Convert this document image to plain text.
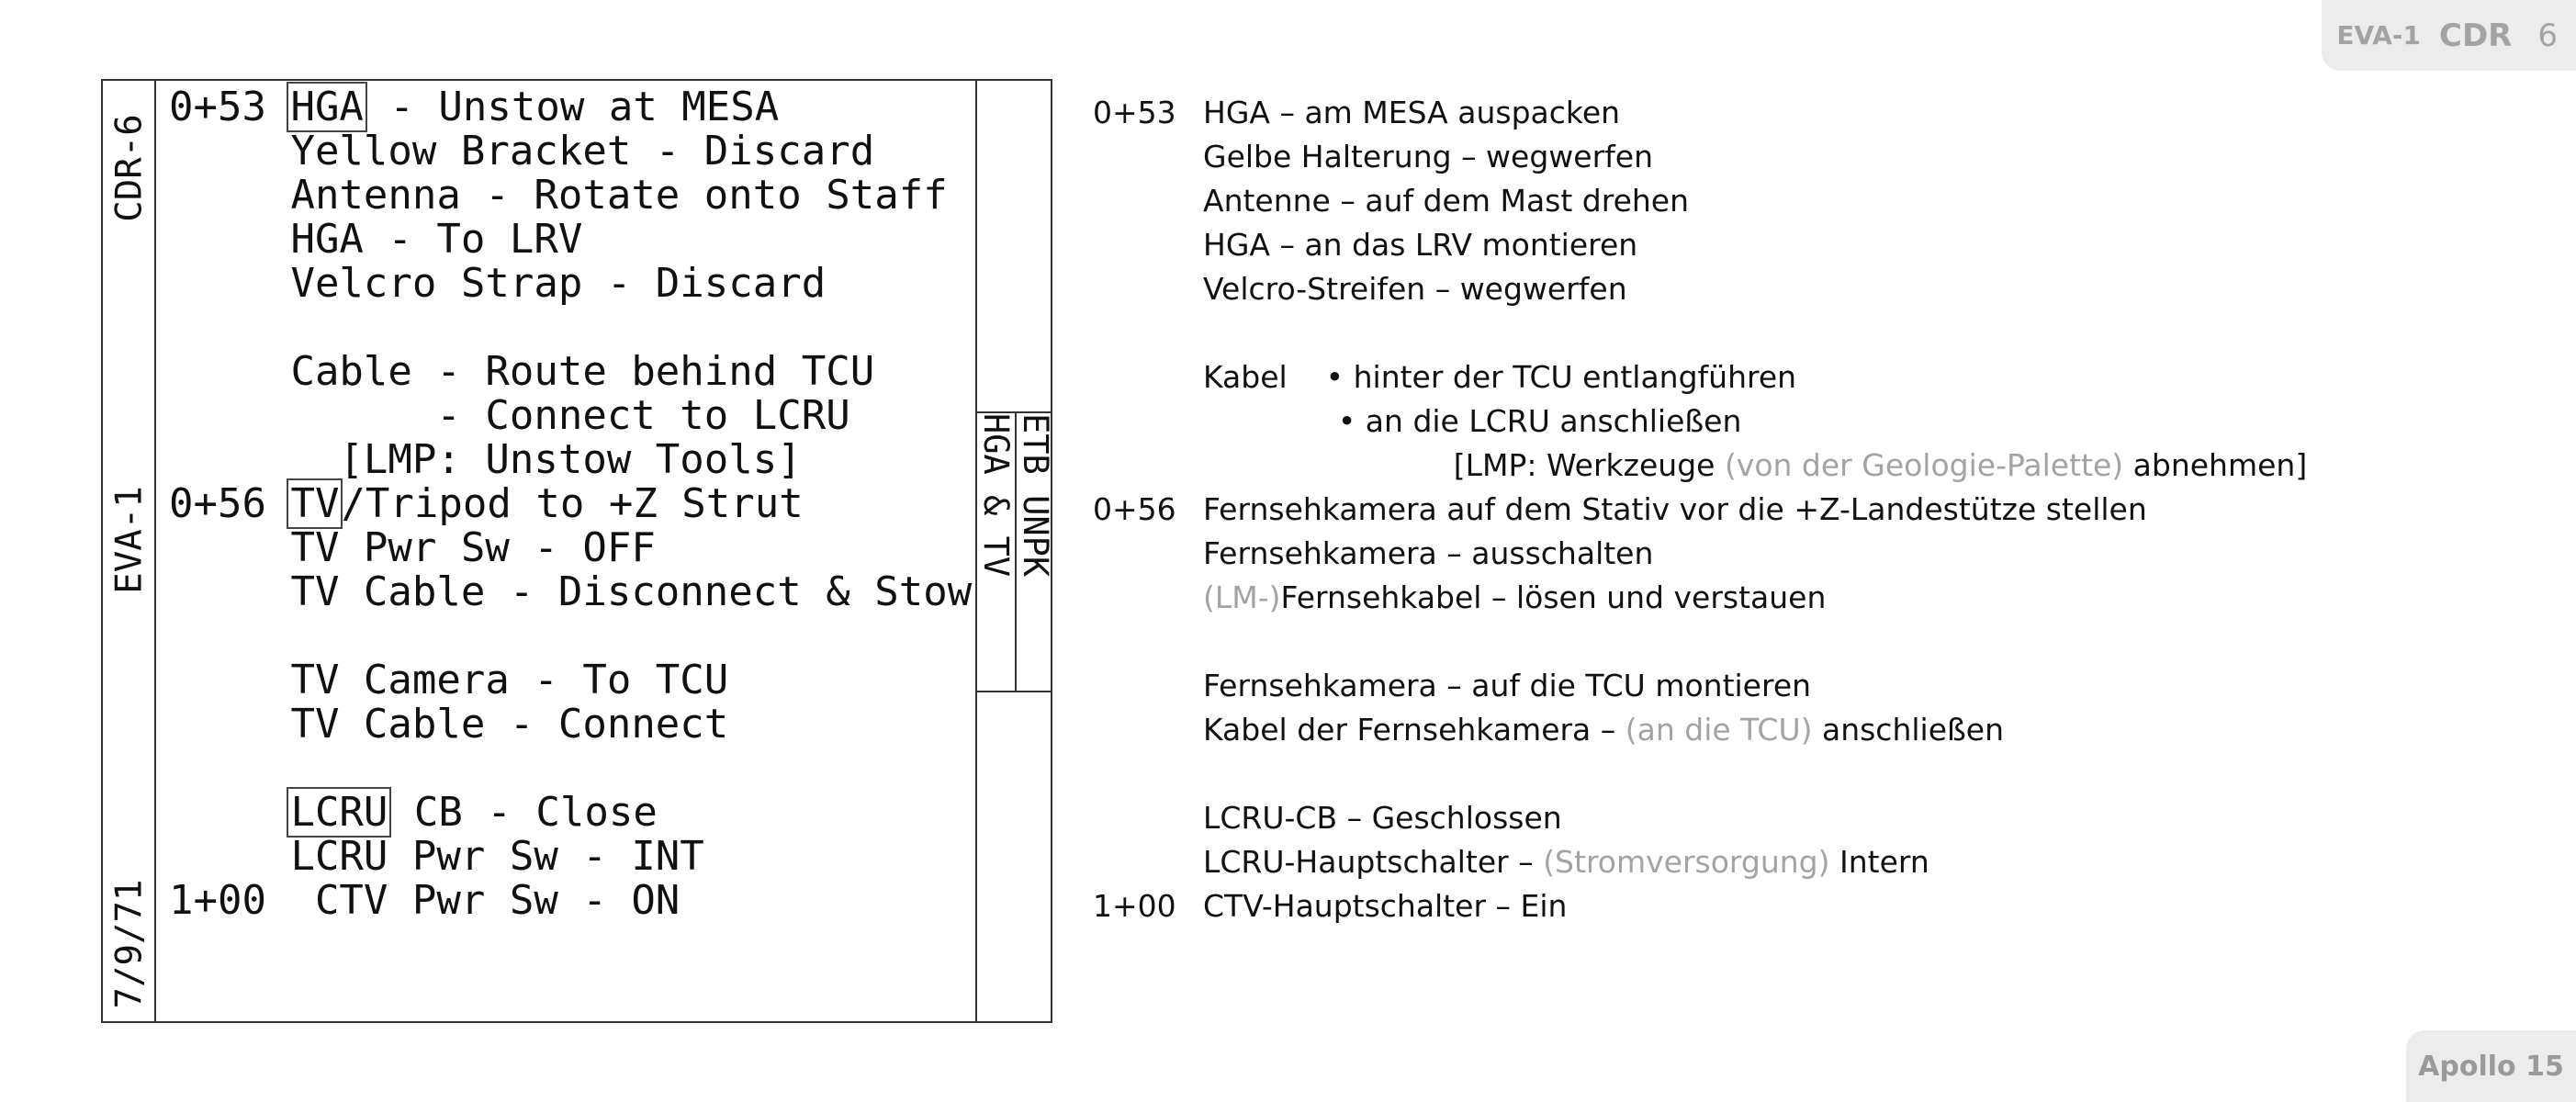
EVA-1 CDR 6
CDR-6
EVA-1
7/9/71
ETB UNPK
HGA & TV
0+53 HGA - Unstow at MESA
Yellow Bracket - Discard
Antenna - Rotate onto Staff
HGA - To LRV
Velcro Strap - Discard
Cable - Route behind TCU
- Connect to LCRU
[LMP: Unstow Tools]
0+56 TV/Tripod to +Z Strut
TV Pwr Sw - OFF
TV Cable - Disconnect & Stow
TV Camera - To TCU
TV Cable - Connect
LCRU CB - Close
LCRU Pwr Sw - INT
1+00  CTV Pwr Sw - ON
0+53 HGA – am MESA auspacken
Gelbe Halterung – wegwerfen
Antenne – auf dem Mast drehen
HGA – an das LRV montieren
Velcro-Streifen – wegwerfen
Kabel    • hinter der TCU entlangführen
• an die LCRU anschließen
[LMP: Werkzeuge (von der Geologie-Palette) abnehmen]
0+56 Fernsehkamera auf dem Stativ vor die +Z-Landestütze stellen
Fernsehkamera – ausschalten
(LM-)Fernsehkabel – lösen und verstauen
Fernsehkamera – auf die TCU montieren
Kabel der Fernsehkamera – (an die TCU) anschließen
LCRU-CB – Geschlossen
LCRU-Hauptschalter – (Stromversorgung) Intern
1+00 CTV-Hauptschalter – Ein
Apollo 15
